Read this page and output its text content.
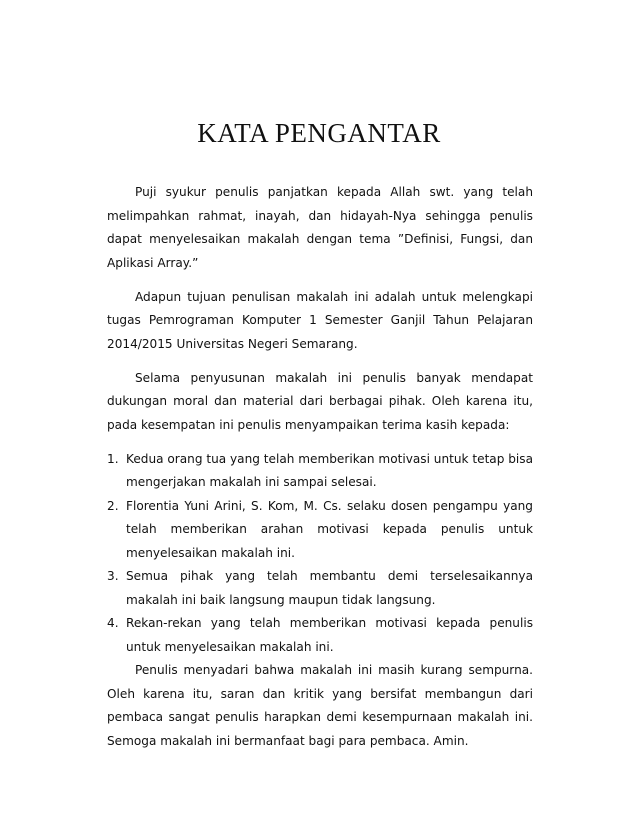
KATA PENGANTAR

Puji syukur penulis panjatkan kepada Allah swt. yang telah melimpahkan rahmat, inayah, dan hidayah-Nya sehingga penulis dapat menyelesaikan makalah dengan tema ”Definisi, Fungsi, dan Aplikasi Array.”

Adapun tujuan penulisan makalah ini adalah untuk melengkapi tugas Pemrograman Komputer 1 Semester Ganjil Tahun Pelajaran 2014/2015 Universitas Negeri Semarang.

Selama penyusunan makalah ini penulis banyak mendapat dukungan moral dan material dari berbagai pihak. Oleh karena itu, pada kesempatan ini penulis menyampaikan terima kasih kepada:

1. Kedua orang tua yang telah memberikan motivasi untuk tetap bisa mengerjakan makalah ini sampai selesai.
2. Florentia Yuni Arini, S. Kom, M. Cs. selaku dosen pengampu yang telah memberikan arahan motivasi kepada penulis untuk menyelesaikan makalah ini.
3. Semua pihak yang telah membantu demi terselesaikannya makalah ini baik langsung maupun tidak langsung.
4. Rekan-rekan yang telah memberikan motivasi kepada penulis untuk menyelesaikan makalah ini.

Penulis menyadari bahwa makalah ini masih kurang sempurna. Oleh karena itu, saran dan kritik yang bersifat membangun dari pembaca sangat penulis harapkan demi kesempurnaan makalah ini. Semoga makalah ini bermanfaat bagi para pembaca. Amin.
